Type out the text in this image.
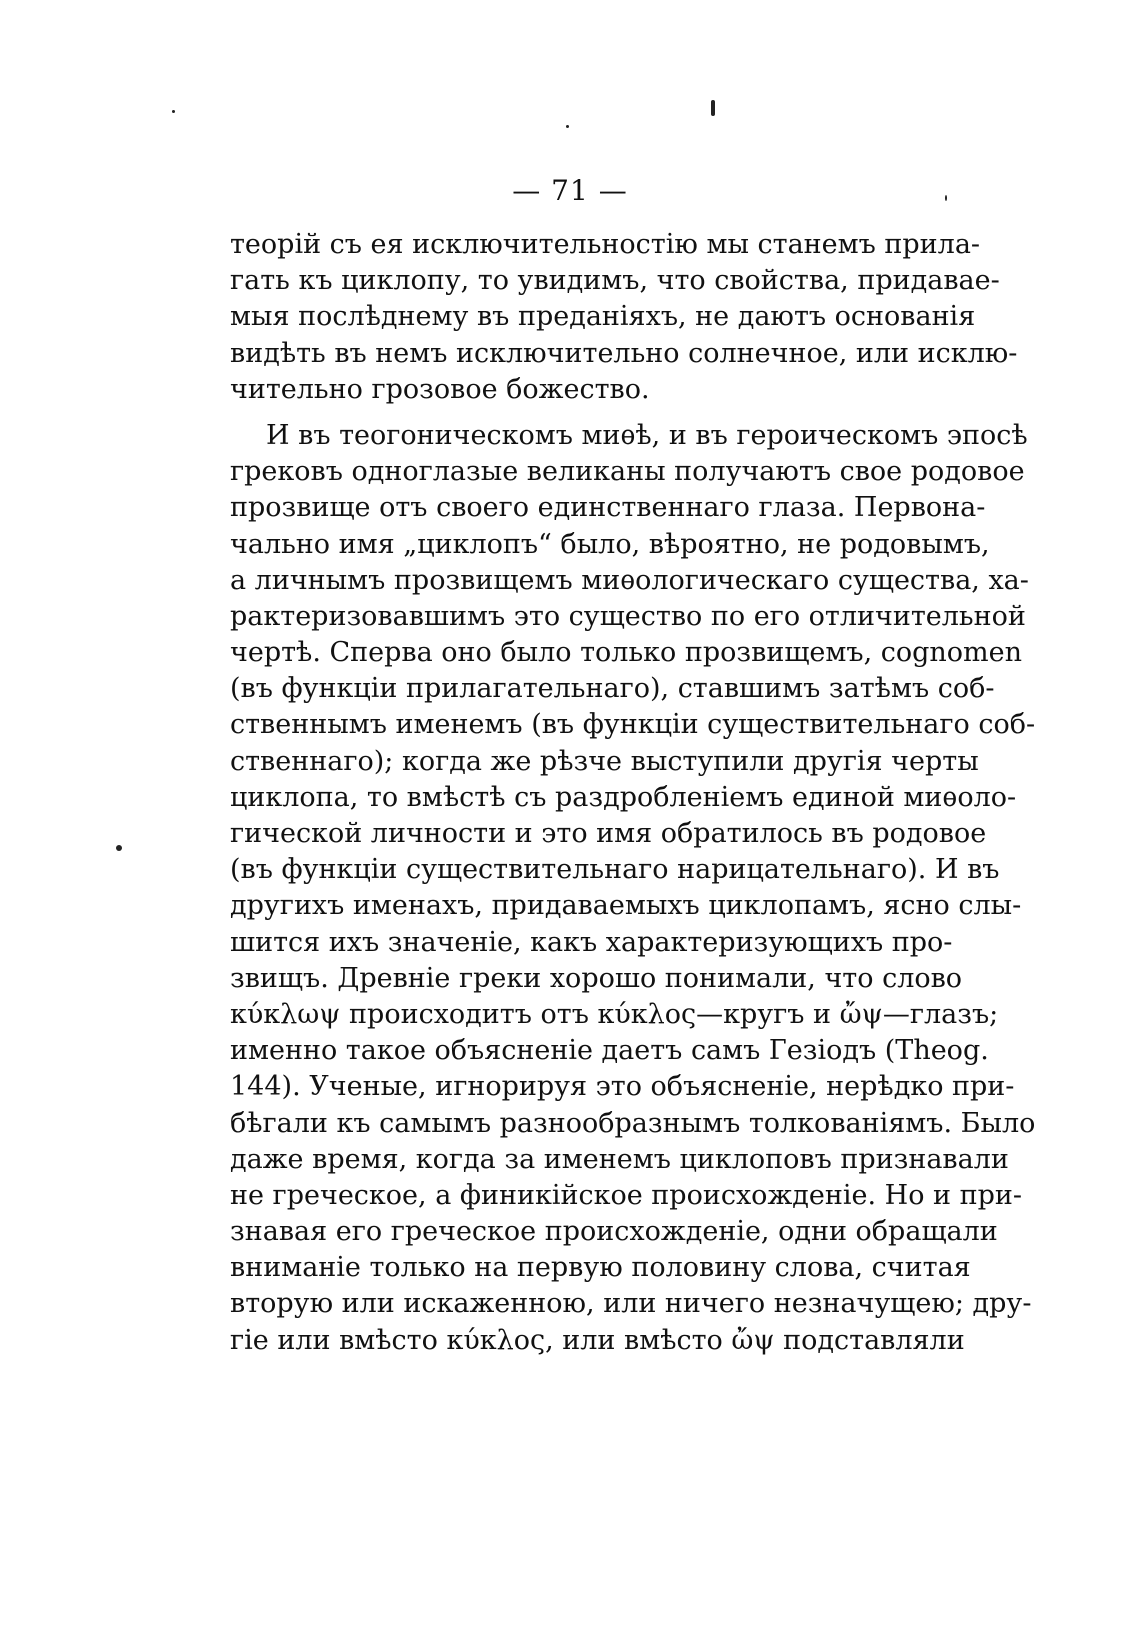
— 71 —
теорій съ ея исключительностію мы станемъ прила-
гать къ циклопу, то увидимъ, что свойства, придавае-
мыя послѣднему въ преданіяхъ, не даютъ основанія
видѣть въ немъ исключительно солнечное, или исклю-
чительно грозовое божество.
И въ теогоническомъ миѳѣ, и въ героическомъ эпосѣ
грековъ одноглазые великаны получаютъ свое родовое
прозвище отъ своего единственнаго глаза. Первона-
чально имя „циклопъ“ было, вѣроятно, не родовымъ,
а личнымъ прозвищемъ миѳологическаго существа, ха-
рактеризовавшимъ это существо по его отличительной
чертѣ. Сперва оно было только прозвищемъ, cognomen
(въ функціи прилагательнаго), ставшимъ затѣмъ соб-
ственнымъ именемъ (въ функціи существительнаго соб-
ственнаго); когда же рѣзче выступили другія черты
циклопа, то вмѣстѣ съ раздробленіемъ единой миѳоло-
гической личности и это имя обратилось въ родовое
(въ функціи существительнаго нарицательнаго). И въ
другихъ именахъ, придаваемыхъ циклопамъ, ясно слы-
шится ихъ значеніе, какъ характеризующихъ про-
звищъ. Древніе греки хорошо понимали, что слово
κύκλωψ происходитъ отъ κύκλος—кругъ и ὤψ—глазъ;
именно такое объясненіе даетъ самъ Гезіодъ (Theog.
144). Ученые, игнорируя это объясненіе, нерѣдко при-
бѣгали къ самымъ разнообразнымъ толкованіямъ. Было
даже время, когда за именемъ циклоповъ признавали
не греческое, а финикійское происхожденіе. Но и при-
знавая его греческое происхожденіе, одни обращали
вниманіе только на первую половину слова, считая
вторую или искаженною, или ничего незначущею; дру-
гіе или вмѣсто κύκλος, или вмѣсто ὤψ подставляли
